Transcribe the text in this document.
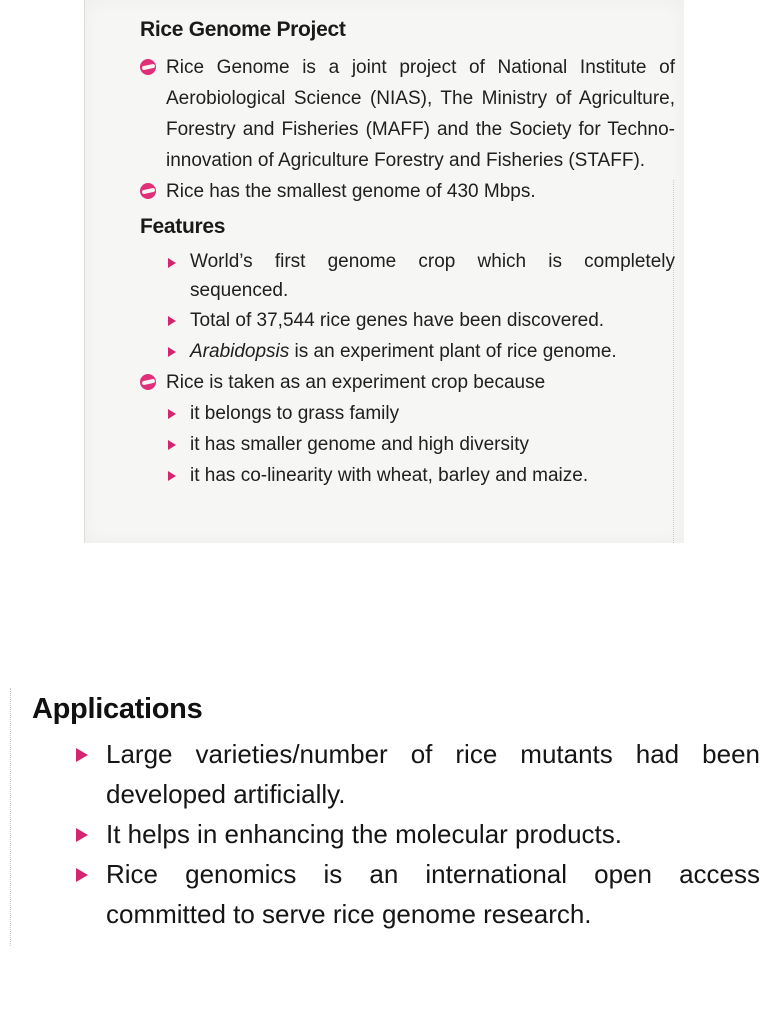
Rice Genome Project
Rice Genome is a joint project of National Institute of Aerobiological Science (NIAS), The Ministry of Agriculture, Forestry and Fisheries (MAFF) and the Society for Techno-innovation of Agriculture Forestry and Fisheries (STAFF).
Rice has the smallest genome of 430 Mbps.
Features
World’s first genome crop which is completely sequenced.
Total of 37,544 rice genes have been discovered.
Arabidopsis is an experiment plant of rice genome.
Rice is taken as an experiment crop because
it belongs to grass family
it has smaller genome and high diversity
it has co-linearity with wheat, barley and maize.
Applications
Large varieties/number of rice mutants had been developed artificially.
It helps in enhancing the molecular products.
Rice genomics is an international open access committed to serve rice genome research.
